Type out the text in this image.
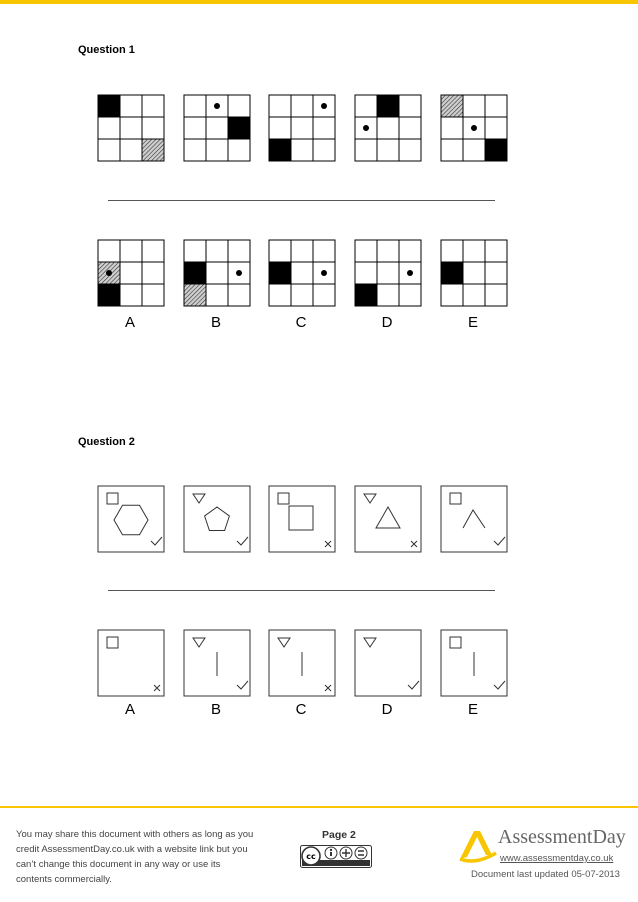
Question 1
A	B	C	D	E
Question 2
A	B	C	D	E
You may share this document with others as long as you credit AssessmentDay.co.uk with a website link but you can’t change this document in any way or use its contents commercially.
Page 2
cc
AssessmentDay
www.assessmentday.co.uk
Document last updated 05-07-2013
